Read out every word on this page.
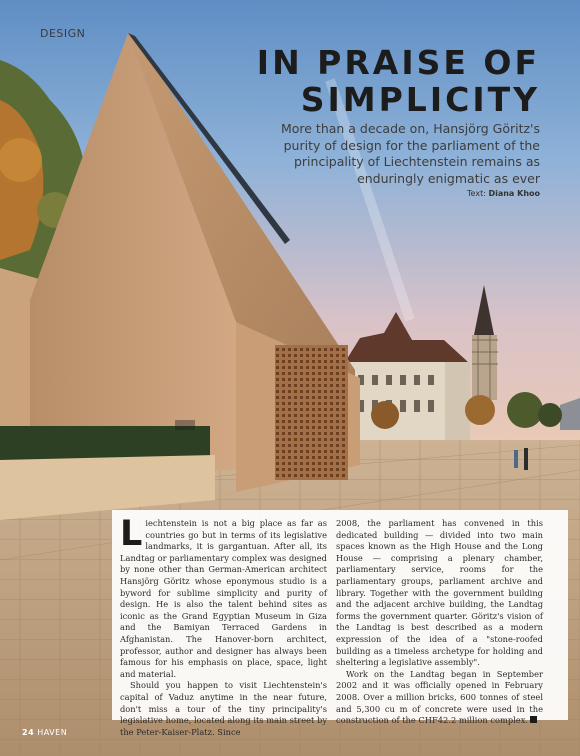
DESIGN
IN PRAISE OF
SIMPLICITY
More than a decade on, Hansjörg Göritz's purity of design for the parliament of the principality of Liechtenstein remains as enduringly enigmatic as ever
Text: Diana Khoo

Liechtenstein is not a big place as far as countries go but in terms of its legislative landmarks, it is gargantuan. After all, its Landtag or parliamentary complex was designed by none other than German-American architect Hansjörg Göritz whose eponymous studio is a byword for sublime simplicity and purity of design. He is also the talent behind sites as iconic as the Grand Egyptian Museum in Giza and the Bamiyan Terraced Gardens in Afghanistan. The Hanover-born architect, professor, author and designer has always been famous for his emphasis on place, space, light and material.

Should you happen to visit Liechtenstein's capital of Vaduz anytime in the near future, don't miss a tour of the tiny principality's legislative home, located along its main street by the Peter-Kaiser-Platz. Since

2008, the parliament has convened in this dedicated building — divided into two main spaces known as the High House and the Long House — comprising a plenary chamber, parliamentary service, rooms for the parliamentary groups, parliament archive and library. Together with the government building and the adjacent archive building, the Landtag forms the government quarter. Göritz's vision of the Landtag is best described as a modern expression of the idea of a "stone-roofed building as a timeless archetype for holding and sheltering a legislative assembly".

Work on the Landtag began in September 2002 and it was officially opened in February 2008. Over a million bricks, 600 tonnes of steel and 5,300 cu m of concrete were used in the construction of the CHF42.2 million complex.

24 HAVEN
